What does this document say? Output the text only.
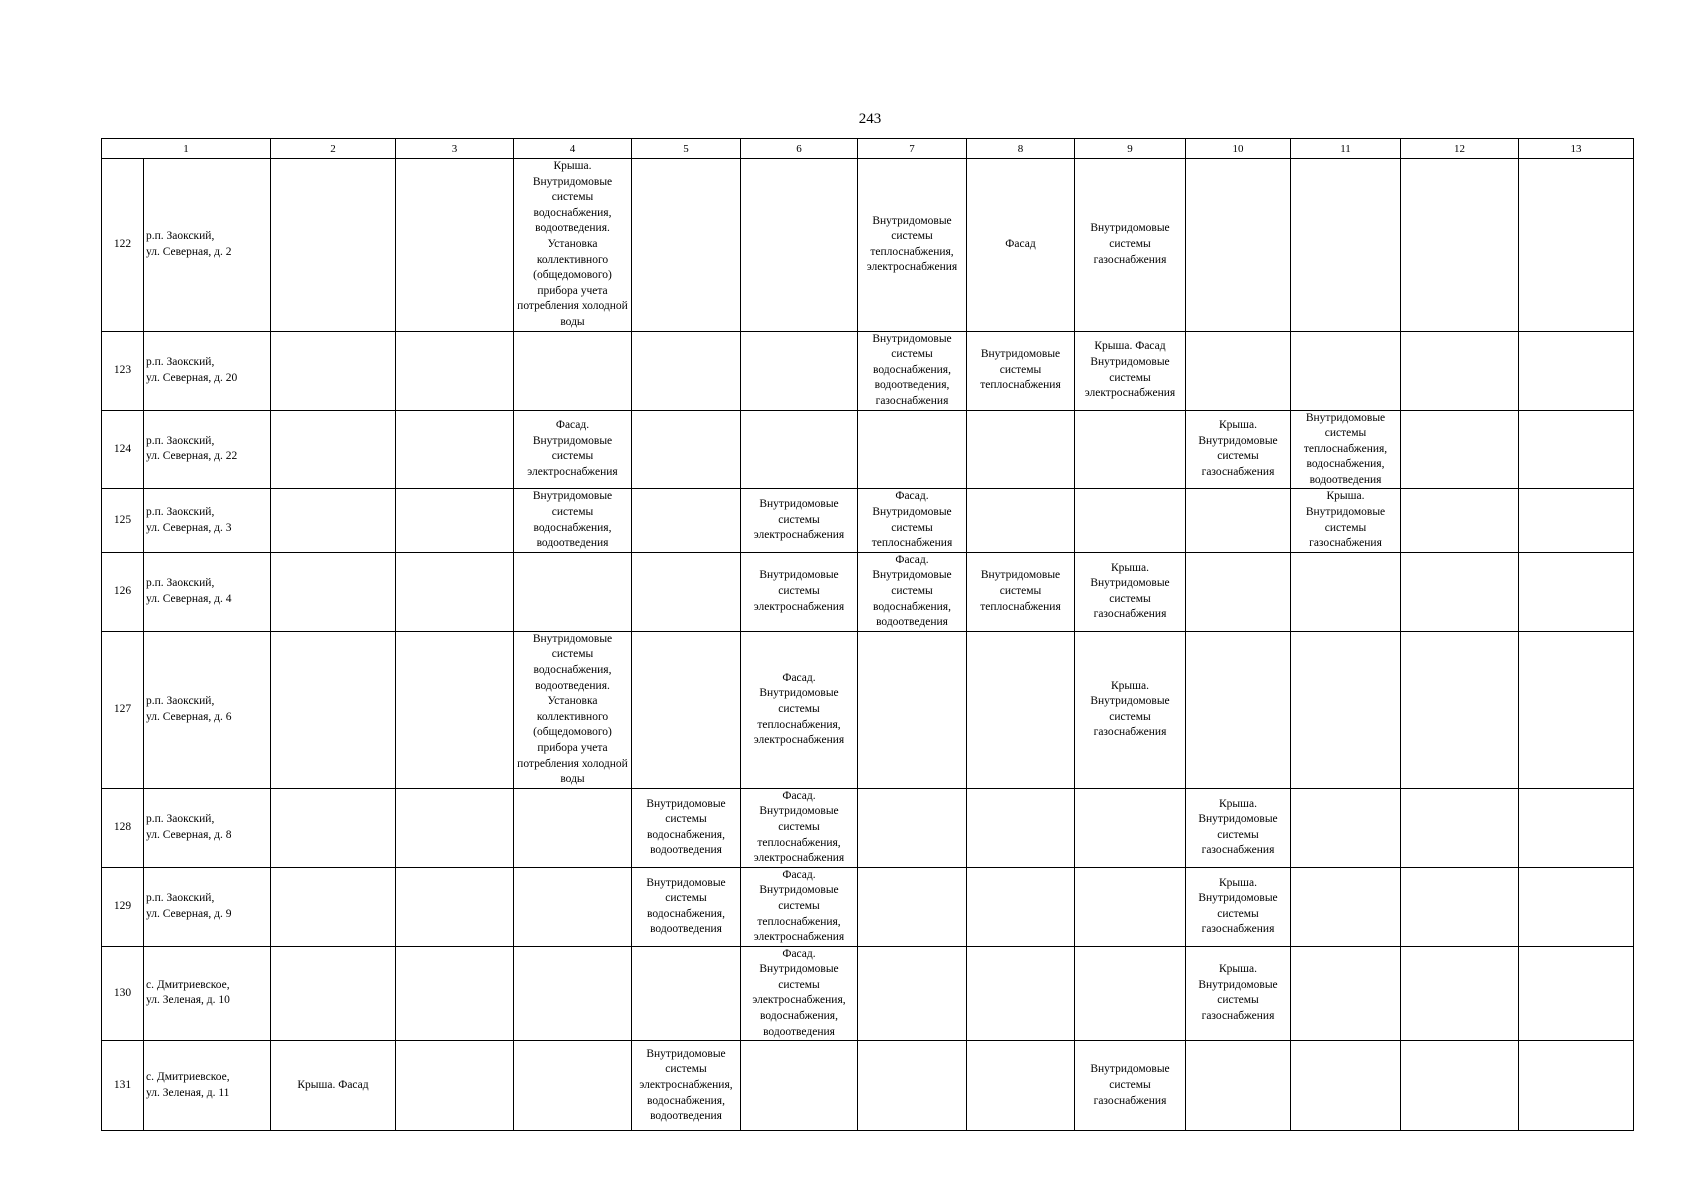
243
1		2	3	4	5	6	7	8	9	10	11	12	13
122	р.п. Заокский,
ул. Северная, д. 2			Крыша. Внутридомовые системы водоснабжения, водоотведения. Установка коллективного (общедомового) прибора учета потребления холодной воды			Внутридомовые системы теплоснабжения, электроснабжения	Фасад	Внутридомовые системы газоснабжения				
123	р.п. Заокский,
ул. Северная, д. 20						Внутридомовые системы водоснабжения, водоотведения, газоснабжения	Внутридомовые системы теплоснабжения	Крыша. Фасад Внутридомовые системы электроснабжения				
124	р.п. Заокский,
ул. Северная, д. 22			Фасад. Внутридомовые системы электроснабжения						Крыша. Внутридомовые системы газоснабжения	Внутридомовые системы теплоснабжения, водоснабжения, водоотведения		
125	р.п. Заокский,
ул. Северная, д. 3			Внутридомовые системы водоснабжения, водоотведения		Внутридомовые системы электроснабжения	Фасад. Внутридомовые системы теплоснабжения				Крыша. Внутридомовые системы газоснабжения		
126	р.п. Заокский,
ул. Северная, д. 4					Внутридомовые системы электроснабжения	Фасад. Внутридомовые системы водоснабжения, водоотведения	Внутридомовые системы теплоснабжения	Крыша. Внутридомовые системы газоснабжения				
127	р.п. Заокский,
ул. Северная, д. 6			Внутридомовые системы водоснабжения, водоотведения. Установка коллективного (общедомового) прибора учета потребления холодной воды		Фасад. Внутридомовые системы теплоснабжения, электроснабжения			Крыша. Внутридомовые системы газоснабжения				
128	р.п. Заокский,
ул. Северная, д. 8				Внутридомовые системы водоснабжения, водоотведения	Фасад. Внутридомовые системы теплоснабжения, электроснабжения				Крыша. Внутридомовые системы газоснабжения			
129	р.п. Заокский,
ул. Северная, д. 9				Внутридомовые системы водоснабжения, водоотведения	Фасад. Внутридомовые системы теплоснабжения, электроснабжения				Крыша. Внутридомовые системы газоснабжения			
130	с. Дмитриевское,
ул. Зеленая, д. 10					Фасад. Внутридомовые системы электроснабжения, водоснабжения, водоотведения				Крыша. Внутридомовые системы газоснабжения			
131	с. Дмитриевское,
ул. Зеленая, д. 11	Крыша. Фасад			Внутридомовые системы электроснабжения, водоснабжения, водоотведения				Внутридомовые системы газоснабжения				
